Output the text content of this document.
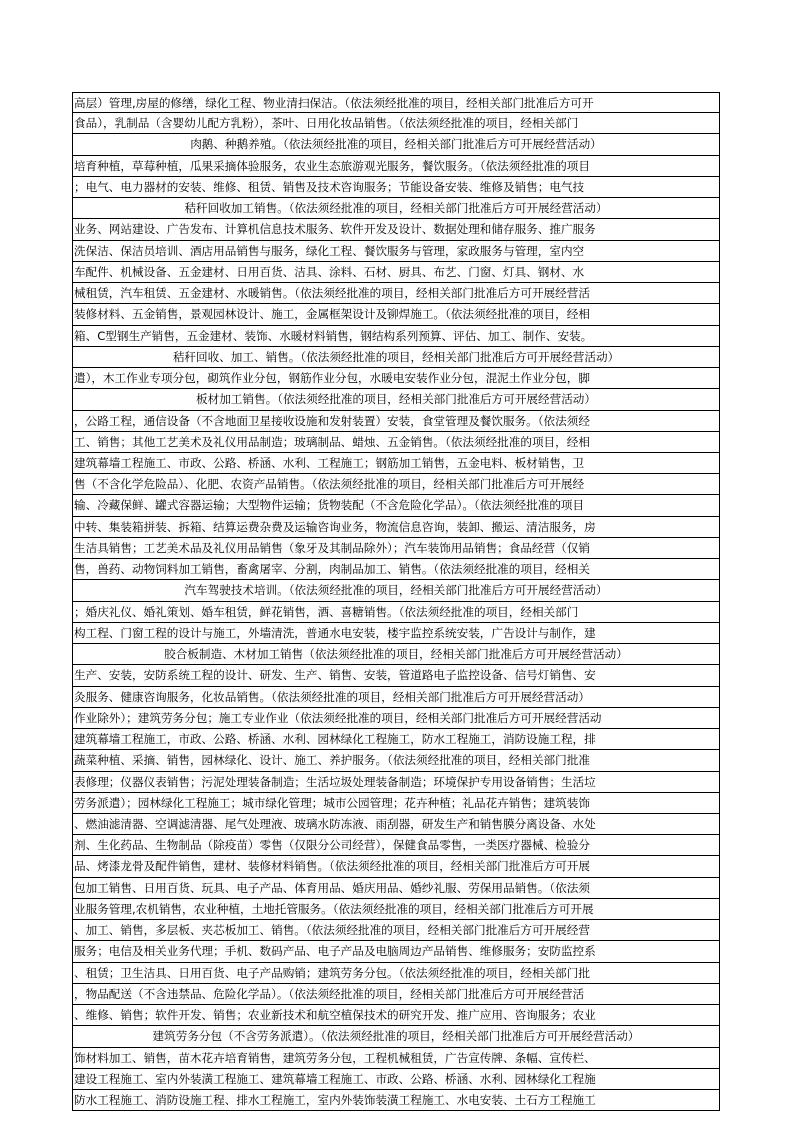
高层）管理,房屋的修缮，绿化工程、物业清扫保洁。（依法须经批准的项目，经相关部门批准后方可开
食品），乳制品（含婴幼儿配方乳粉），茶叶、日用化妆品销售。（依法须经批准的项目，经相关部门
肉鹅、种鹅养殖。（依法须经批准的项目，经相关部门批准后方可开展经营活动）
培育种植，草莓种植，瓜果采摘体验服务，农业生态旅游观光服务，餐饮服务。（依法须经批准的项目
；电气、电力器材的安装、维修、租赁、销售及技术咨询服务；节能设备安装、维修及销售；电气技
秸秆回收加工销售。（依法须经批准的项目，经相关部门批准后方可开展经营活动）
业务、网站建设、广告发布、计算机信息技术服务、软件开发及设计、数据处理和储存服务、推广服务
洗保洁、保洁员培训、酒店用品销售与服务，绿化工程、餐饮服务与管理，家政服务与管理，室内空
车配件、机械设备、五金建材、日用百货、洁具、涂料、石材、厨具、布艺、门窗、灯具、钢材、水
械租赁，汽车租赁、五金建材、水暖销售。（依法须经批准的项目，经相关部门批准后方可开展经营活
装修材料、五金销售，景观园林设计、施工，金属框架设计及铆焊施工。（依法须经批准的项目，经相
箱、C型钢生产销售，五金建材、装饰、水暖材料销售，钢结构系列预算、评估、加工、制作、安装。
秸秆回收、加工、销售。（依法须经批准的项目，经相关部门批准后方可开展经营活动）
遣），木工作业专项分包，砌筑作业分包，钢筋作业分包，水暖电安装作业分包，混泥土作业分包，脚
板材加工销售。（依法须经批准的项目，经相关部门批准后方可开展经营活动）
，公路工程，通信设备（不含地面卫星接收设施和发射装置）安装，食堂管理及餐饮服务。（依法须经
工、销售；其他工艺美术及礼仪用品制造；玻璃制品、蜡烛、五金销售。（依法须经批准的项目，经相
建筑幕墙工程施工、市政、公路、桥涵、水利、工程施工；钢筋加工销售，五金电料、板材销售，卫
售（不含化学危险品）、化肥、农资产品销售。（依法须经批准的项目，经相关部门批准后方可开展经
输、冷藏保鲜、罐式容器运输；大型物件运输；货物装配（不含危险化学品）。（依法须经批准的项目
中转、集装箱拼装、拆箱、结算运费杂费及运输咨询业务，物流信息咨询，装卸、搬运、清洁服务，房
生洁具销售；工艺美术品及礼仪用品销售（象牙及其制品除外）；汽车装饰用品销售；食品经营（仅销
售，兽药、动物饲料加工销售，畜禽屠宰、分割，肉制品加工、销售。（依法须经批准的项目，经相关
汽车驾驶技术培训。（依法须经批准的项目，经相关部门批准后方可开展经营活动）
；婚庆礼仪、婚礼策划、婚车租赁，鲜花销售，酒、喜糖销售。（依法须经批准的项目，经相关部门
构工程、门窗工程的设计与施工，外墙清洗，普通水电安装，楼宇监控系统安装，广告设计与制作，建
胶合板制造、木材加工销售（依法须经批准的项目，经相关部门批准后方可开展经营活动）
生产、安装，安防系统工程的设计、研发、生产、销售、安装，管道路电子监控设备、信号灯销售、安
灸服务、健康咨询服务，化妆品销售。（依法须经批准的项目，经相关部门批准后方可开展经营活动）
作业除外）；建筑劳务分包；施工专业作业（依法须经批准的项目，经相关部门批准后方可开展经营活动
建筑幕墙工程施工，市政、公路、桥涵、水利、园林绿化工程施工，防水工程施工，消防设施工程，排
蔬菜种植、采摘、销售，园林绿化、设计、施工、养护服务。（依法须经批准的项目，经相关部门批准
表修理；仪器仪表销售；污泥处理装备制造；生活垃圾处理装备制造；环境保护专用设备销售；生活垃
劳务派遣）；园林绿化工程施工；城市绿化管理；城市公园管理；花卉种植；礼品花卉销售；建筑装饰
、燃油滤清器、空调滤清器、尾气处理液、玻璃水防冻液、雨刮器，研发生产和销售膜分离设备、水处
剂、生化药品、生物制品（除疫苗）零售（仅限分公司经营），保健食品零售，一类医疗器械、检验分
品、烤漆龙骨及配件销售，建材、装修材料销售。（依法须经批准的项目，经相关部门批准后方可开展
包加工销售、日用百货、玩具、电子产品、体育用品、婚庆用品、婚纱礼服、劳保用品销售。（依法须
业服务管理,农机销售，农业种植，土地托管服务。（依法须经批准的项目，经相关部门批准后方可开展
、加工、销售，多层板、夹芯板加工、销售。（依法须经批准的项目，经相关部门批准后方可开展经营
服务；电信及相关业务代理；手机、数码产品、电子产品及电脑周边产品销售、维修服务；安防监控系
、租赁；卫生洁具、日用百货、电子产品购销；建筑劳务分包。（依法须经批准的项目，经相关部门批
，物品配送（不含违禁品、危险化学品）。（依法须经批准的项目，经相关部门批准后方可开展经营活
、维修、销售；软件开发、销售；农业新技术和航空植保技术的研究开发、推广应用、咨询服务；农业
建筑劳务分包（不含劳务派遣）。（依法须经批准的项目，经相关部门批准后方可开展经营活动）
饰材料加工、销售，苗木花卉培育销售，建筑劳务分包，工程机械租赁，广告宣传牌、条幅、宣传栏、
建设工程施工、室内外装潢工程施工、建筑幕墙工程施工、市政、公路、桥涵、水利、园林绿化工程施
防水工程施工、消防设施工程、排水工程施工，室内外装饰装潢工程施工、水电安装、土石方工程施工
